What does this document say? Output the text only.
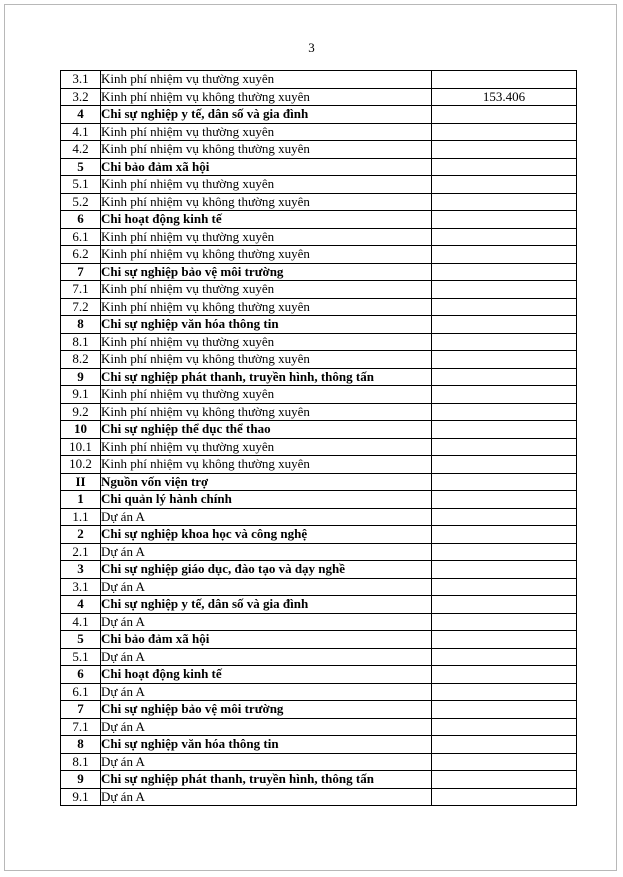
3
3.1	Kinh phí nhiệm vụ thường xuyên	
3.2	Kinh phí nhiệm vụ không thường xuyên	153.406
4	Chi sự nghiệp y tế, dân số và gia đình	
4.1	Kinh phí nhiệm vụ thường xuyên	
4.2	Kinh phí nhiệm vụ không thường xuyên	
5	Chi bảo đảm xã hội	
5.1	Kinh phí nhiệm vụ thường xuyên	
5.2	Kinh phí nhiệm vụ không thường xuyên	
6	Chi hoạt động kinh tế	
6.1	Kinh phí nhiệm vụ thường xuyên	
6.2	Kinh phí nhiệm vụ không thường xuyên	
7	Chi sự nghiệp bảo vệ môi trường	
7.1	Kinh phí nhiệm vụ thường xuyên	
7.2	Kinh phí nhiệm vụ không thường xuyên	
8	Chi sự nghiệp văn hóa thông tin	
8.1	Kinh phí nhiệm vụ thường xuyên	
8.2	Kinh phí nhiệm vụ không thường xuyên	
9	Chi sự nghiệp phát thanh, truyền hình, thông tấn	
9.1	Kinh phí nhiệm vụ thường xuyên	
9.2	Kinh phí nhiệm vụ không thường xuyên	
10	Chi sự nghiệp thể dục thể thao	
10.1	Kinh phí nhiệm vụ thường xuyên	
10.2	Kinh phí nhiệm vụ không thường xuyên	
II	Nguồn vốn viện trợ	
1	Chi quản lý hành chính	
1.1	Dự án A	
2	Chi sự nghiệp khoa học và công nghệ	
2.1	Dự án A	
3	Chi sự nghiệp giáo dục, đào tạo và dạy nghề	
3.1	Dự án A	
4	Chi sự nghiệp y tế, dân số và gia đình	
4.1	Dự án A	
5	Chi bảo đảm xã hội	
5.1	Dự án A	
6	Chi hoạt động kinh tế	
6.1	Dự án A	
7	Chi sự nghiệp bảo vệ môi trường	
7.1	Dự án A	
8	Chi sự nghiệp văn hóa thông tin	
8.1	Dự án A	
9	Chi sự nghiệp phát thanh, truyền hình, thông tấn	
9.1	Dự án A	
